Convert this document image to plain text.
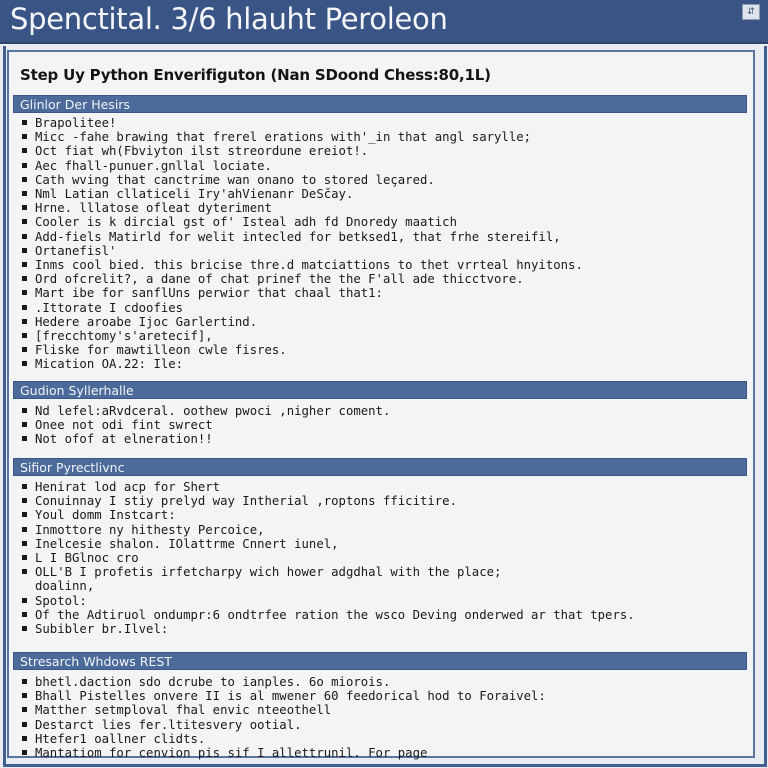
Spenctital. 3/6 hlauht Peroleon	⇵
Step Uy Python Enverifiguton (Nan SDoond Chess:80,1L)
Glinlor Der Hesirs
Brapolitee!
Micc -fahe brawing that frerel erations with'_in that angl sarylle;
Oct fiat wh(Fbviyton ilst streordune ereiot!.
Aec fhall-punuer.gnllal lociate.
Cath wving that canctrime wan onano to stored leçared.
Nml Latian cllaticeli Iry'ahVienanr DeSčay.
Hrne. lllatose ofleat dyteriment
Cooler is k dircial gst of' Isteal adh fd Dnoredy maatich
Add-fiels Matirld for welit intecled for betksed1, that frhe stereifil,
Ortanefisl'
Inms cool bied. this bricise thre.d matciattions to thet vrrteal hnyitons.
Ord ofcrelit?, a dane of chat prinef the the F'all ade thicctvore.
Mart ibe for sanflUns perwior that chaal that1:
.Ittorate I cdoofies
Hedere aroabe Ijoc Garlertind.
[frecchtomy's'aretecif],
Fliske for mawtilleon cwle fisres.
Mication OA.22: Ile:
Gudion Syllerhalle
Nd lefel:aRvdceral. oothew pwoci ,nigher coment.
Onee not odi fint swrect
Not ofof at elneration!!
Sifior Pyrectlivnc
Henirat lod acp for Shert
Conuinnay I stiy prelyd way Intherial ,roptons fficitire.
Youl domm Instcart:
Inmottore ny hithesty Percoice,
Inelcesie shalon. IOlattrme Cnnert iunel,
L I BGlnoc cro
OLL'B I profetis irfetcharpy wich hower adgdhal with the place;
doalinn,
Spotol:
Of the Adtiruol ondumpr:6 ondtrfee ration the wsco Deving onderwed ar that tpers.
Subibler br.Ilvel:
Stresarch Whdows REST
bhetl.daction sdo dcrube to ianples. 6o miorois.
Bhall Pistelles onvere II is al mwener 60 feedorical hod to Foraivel:
Matther setmploval fhal envic nteeothell
Destarct lies fer.ltitesvery ootial.
Htefer1 oallner clidts.
Mantatiom for cenvion pis sif I allettrunil. For page
